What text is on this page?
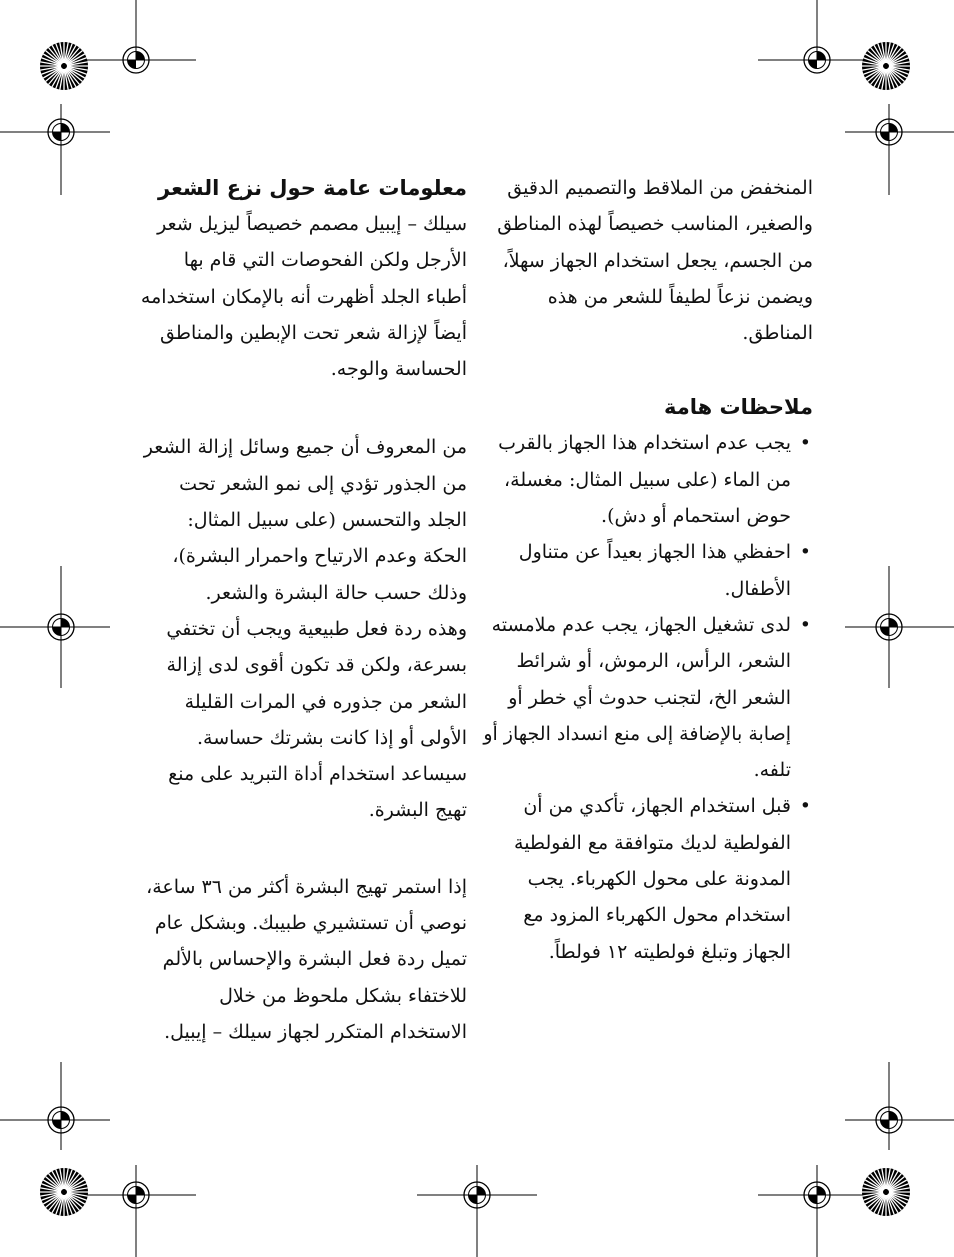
المنخفض من الملاقط والتصميم الدقيق والصغير، المناسب خصيصاً لهذه المناطق من الجسم، يجعل استخدام الجهاز سهلاً، ويضمن نزعاً لطيفاً للشعر من هذه المناطق.

ملاحظات هامة
• يجب عدم استخدام هذا الجهاز بالقرب من الماء (على سبيل المثال: مغسلة، حوض استحمام أو دش).
• احفظي هذا الجهاز بعيداً عن متناول الأطفال.
• لدى تشغيل الجهاز، يجب عدم ملامسته الشعر، الرأس، الرموش، أو شرائط الشعر الخ، لتجنب حدوث أي خطر أو إصابة بالإضافة إلى منع انسداد الجهاز أو تلفه.
• قبل استخدام الجهاز، تأكدي من أن الفولطية لديك متوافقة مع الفولطية المدونة على محول الكهرباء. يجب استخدام محول الكهرباء المزود مع الجهاز وتبلغ فولطيته ١٢ فولطاً.
معلومات عامة حول نزع الشعر

سيلك – إيبيل مصمم خصيصاً ليزيل شعر الأرجل ولكن الفحوصات التي قام بها أطباء الجلد أظهرت أنه بالإمكان استخدامه أيضاً لإزالة شعر تحت الإبطين والمناطق الحساسة والوجه.

من المعروف أن جميع وسائل إزالة الشعر من الجذور تؤدي إلى نمو الشعر تحت الجلد والتحسس (على سبيل المثال: الحكة وعدم الارتياح واحمرار البشرة)، وذلك حسب حالة البشرة والشعر.

وهذه ردة فعل طبيعية ويجب أن تختفي بسرعة، ولكن قد تكون أقوى لدى إزالة الشعر من جذوره في المرات القليلة الأولى أو إذا كانت بشرتك حساسة. سيساعد استخدام أداة التبريد على منع تهيج البشرة.

إذا استمر تهيج البشرة أكثر من ٣٦ ساعة، نوصي أن تستشيري طبيبك. وبشكل عام تميل ردة فعل البشرة والإحساس بالألم للاختفاء بشكل ملحوظ من خلال الاستخدام المتكرر لجهاز سيلك – إيبيل.
